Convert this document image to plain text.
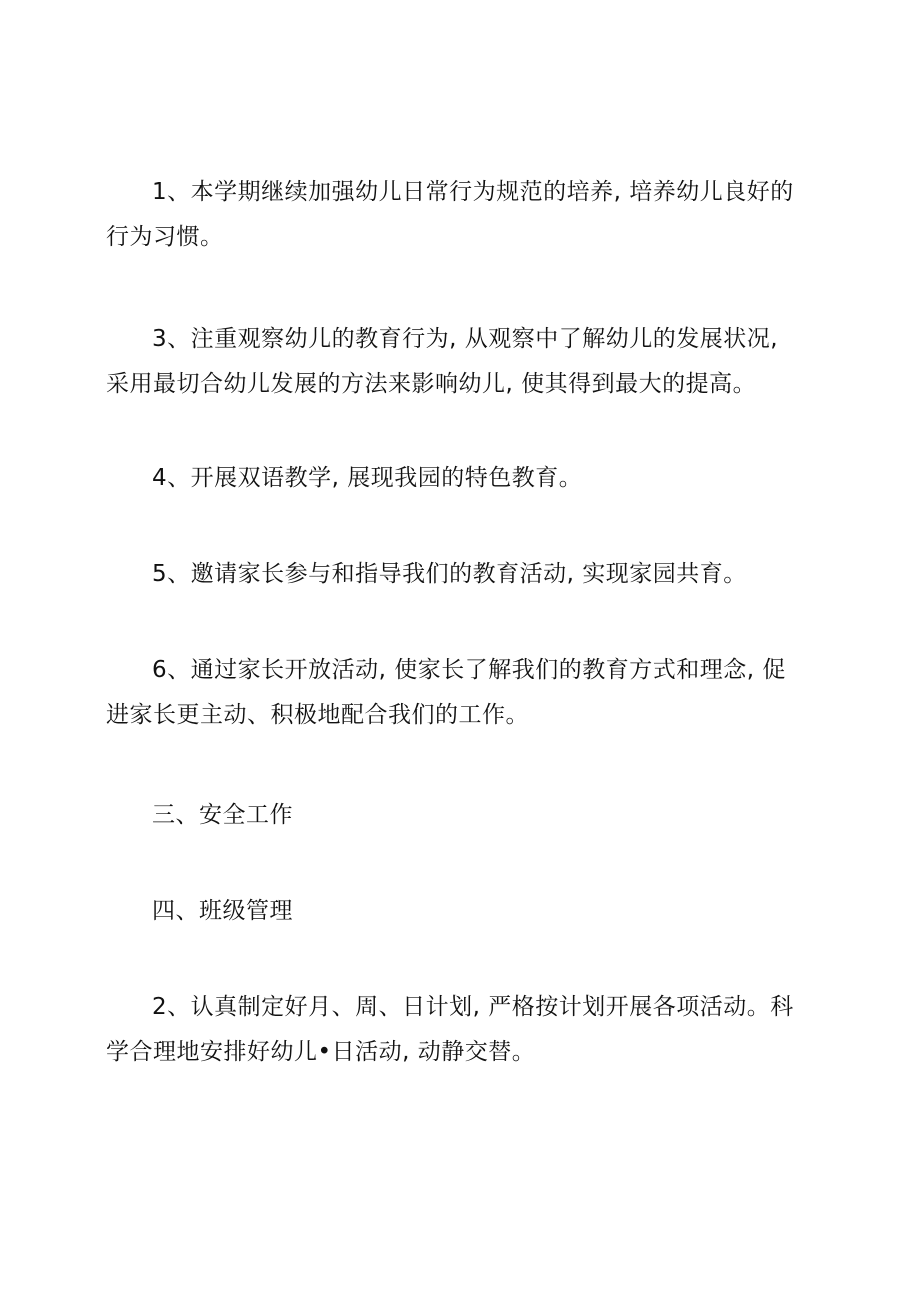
1、本学期继续加强幼儿日常行为规范的培养, 培养幼儿良好的行为习惯。

3、注重观察幼儿的教育行为, 从观察中了解幼儿的发展状况, 采用最切合幼儿发展的方法来影响幼儿, 使其得到最大的提高。

4、开展双语教学, 展现我园的特色教育。

5、邀请家长参与和指导我们的教育活动, 实现家园共育。

6、通过家长开放活动, 使家长了解我们的教育方式和理念, 促进家长更主动、积极地配合我们的工作。

三、安全工作

四、班级管理

2、认真制定好月、周、日计划, 严格按计划开展各项活动。科学合理地安排好幼儿•日活动, 动静交替。
